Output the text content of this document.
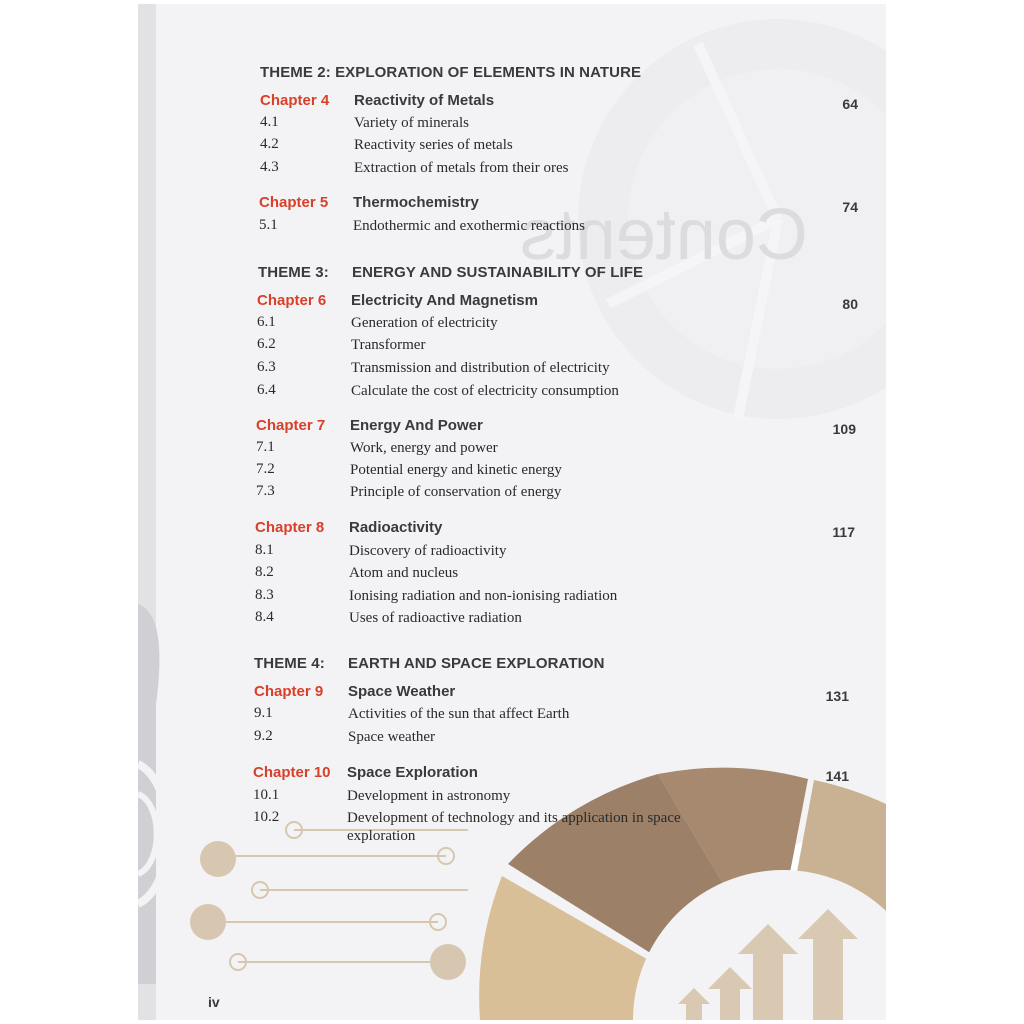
Contents
THEME 2: EXPLORATION OF ELEMENTS IN NATURE
Chapter 4 Reactivity of Metals	64
4.1	Variety of minerals
4.2	Reactivity series of metals
4.3	Extraction of metals from their ores
Chapter 5 Thermochemistry	74
5.1	Endothermic and exothermic reactions
THEME 3: ENERGY AND SUSTAINABILITY OF LIFE
Chapter 6 Electricity And Magnetism	80
6.1	Generation of electricity
6.2	Transformer
6.3	Transmission and distribution of electricity
6.4	Calculate the cost of electricity consumption
Chapter 7 Energy And Power	109
7.1	Work, energy and power
7.2	Potential energy and kinetic energy
7.3	Principle of conservation of energy
Chapter 8 Radioactivity	117
8.1	Discovery of radioactivity
8.2	Atom and nucleus
8.3	Ionising radiation and non-ionising radiation
8.4	Uses of radioactive radiation
THEME 4: EARTH AND SPACE EXPLORATION
Chapter 9 Space Weather	131
9.1	Activities of the sun that affect Earth
9.2	Space weather
Chapter 10 Space Exploration	141
10.1	Development in astronomy
10.2	Development of technology and its application in space exploration
iv
